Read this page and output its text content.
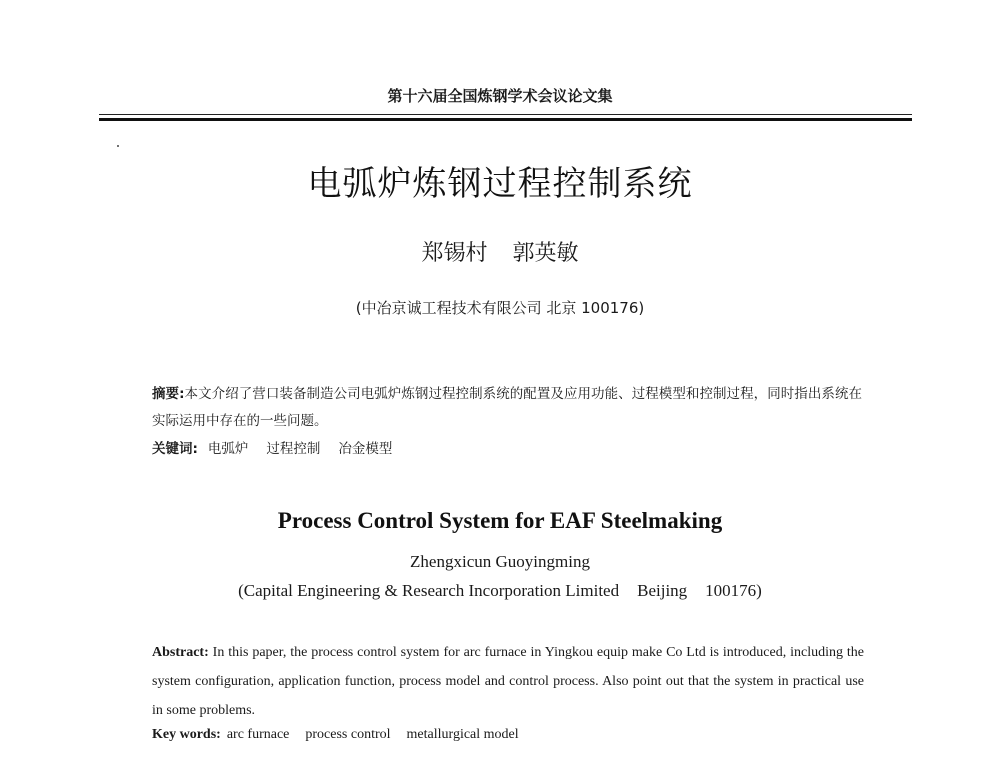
第十六届全国炼钢学术会议论文集
电弧炉炼钢过程控制系统
郑锡村 郭英敏
(中冶京诚工程技术有限公司 北京 100176)
摘要:本文介绍了营口装备制造公司电弧炉炼钢过程控制系统的配置及应用功能、过程模型和控制过程，同时指出系统在实际运用中存在的一些问题。
关键词: 电弧炉 过程控制 冶金模型
Process Control System for EAF Steelmaking
Zhengxicun Guoyingming
(Capital Engineering & Research Incorporation Limited Beijing 100176)
Abstract: In this paper, the process control system for arc furnace in Yingkou equip make Co Ltd is introduced, including the system configuration, application function, process model and control process. Also point out that the system in practical use in some problems.
Key words: arc furnace process control metallurgical model
